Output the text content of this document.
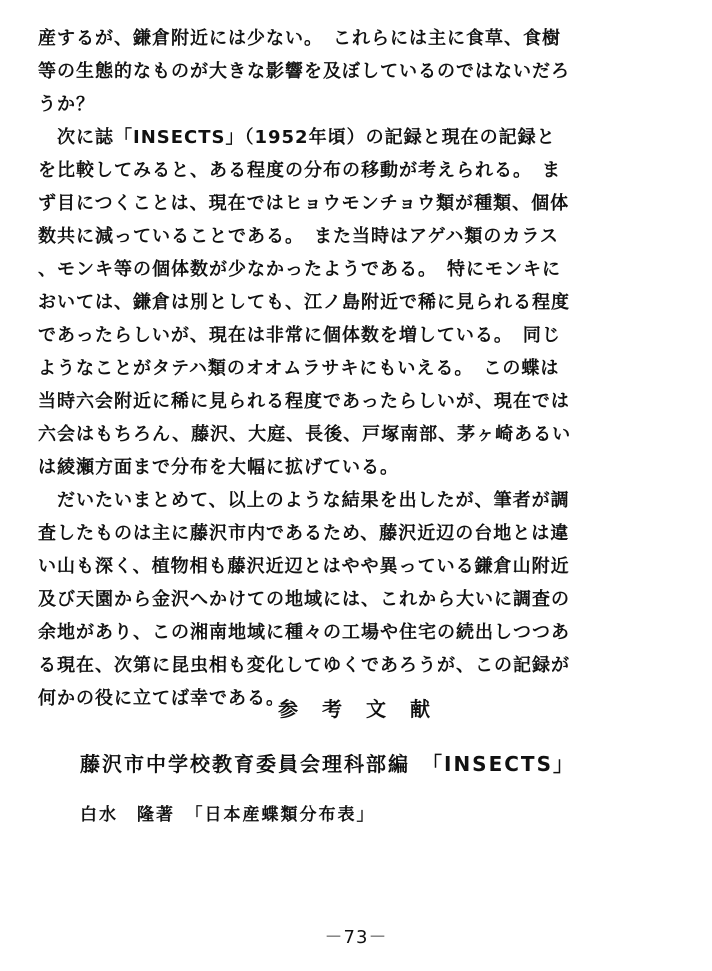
産するが、鎌倉附近には少ない。　これらには主に食草、食樹
等の生態的なものが大きな影響を及ぼしているのではないだろ
うか？
　次に誌「INSECTS」（1952年頃）の記録と現在の記録と
を比較してみると、ある程度の分布の移動が考えられる。　ま
ず目につくことは、現在ではヒョウモンチョウ類が種類、個体
数共に減っていることである。　また当時はアゲハ類のカラス
、モンキ等の個体数が少なかったようである。　特にモンキに
おいては、鎌倉は別としても、江ノ島附近で稀に見られる程度
であったらしいが、現在は非常に個体数を増している。　同じ
ようなことがタテハ類のオオムラサキにもいえる。　この蝶は
当時六会附近に稀に見られる程度であったらしいが、現在では
六会はもちろん、藤沢、大庭、長後、戸塚南部、茅ヶ崎あるい
は綾瀬方面まで分布を大幅に拡げている。
　だいたいまとめて、以上のような結果を出したが、筆者が調
査したものは主に藤沢市内であるため、藤沢近辺の台地とは違
い山も深く、植物相も藤沢近辺とはやや異っている鎌倉山附近
及び天園から金沢へかけての地域には、これから大いに調査の
余地があり、この湘南地域に種々の工場や住宅の続出しつつあ
る現在、次第に昆虫相も変化してゆくであろうが、この記録が
何かの役に立てば幸である。
参考文献
藤沢市中学校教育委員会理科部編　「INSECTS」
白水　隆著　「日本産蝶類分布表」
－73－
